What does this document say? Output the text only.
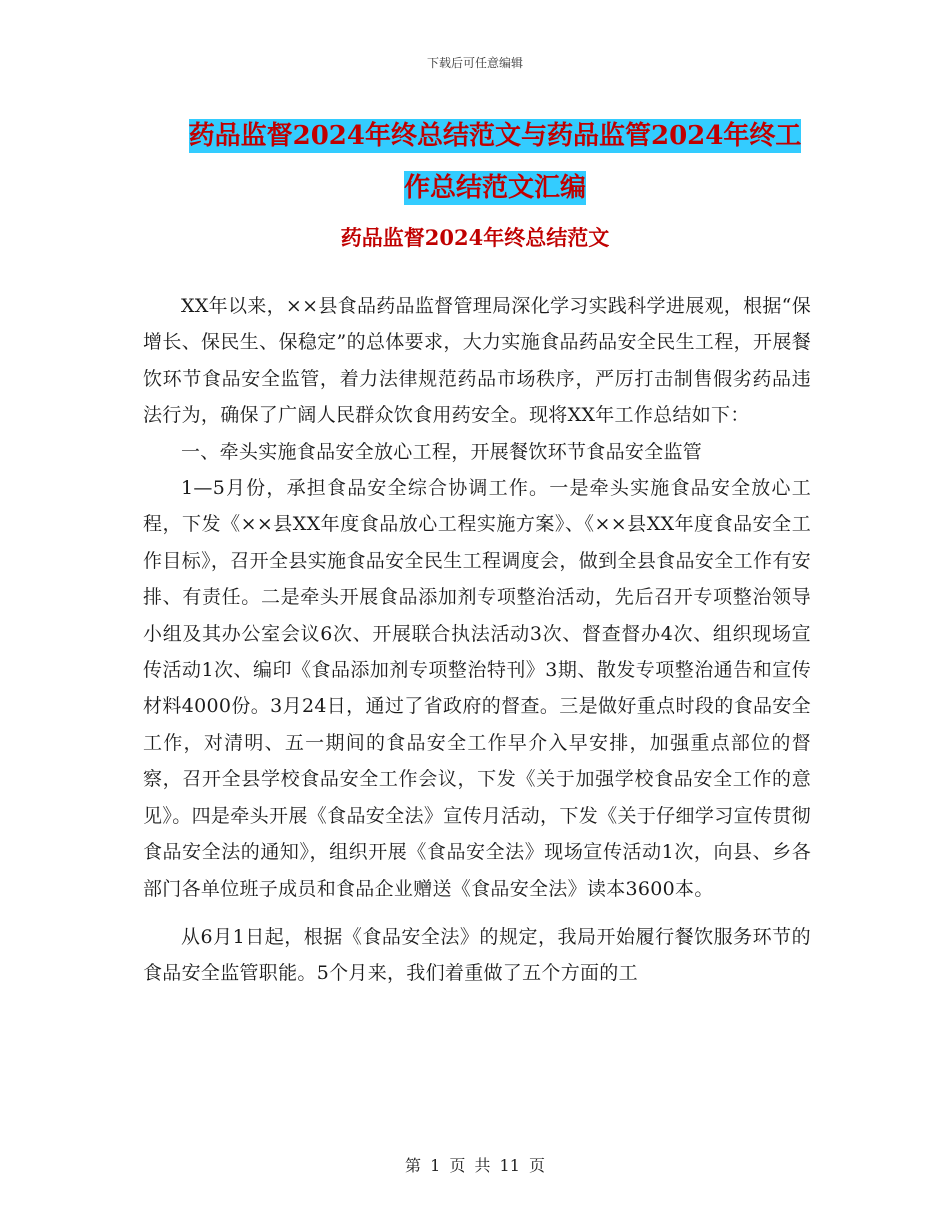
下载后可任意编辑
药品监督2024年终总结范文与药品监管2024年终工
作总结范文汇编
药品监督2024年终总结范文

XX年以来，××县食品药品监督管理局深化学习实践科学进展观，根据“保增长、保民生、保稳定”的总体要求，大力实施食品药品安全民生工程，开展餐饮环节食品安全监管，着力法律规范药品市场秩序，严厉打击制售假劣药品违法行为，确保了广阔人民群众饮食用药安全。现将XX年工作总结如下：

一、牵头实施食品安全放心工程，开展餐饮环节食品安全监管

1—5月份，承担食品安全综合协调工作。一是牵头实施食品安全放心工程，下发《××县XX年度食品放心工程实施方案》、《××县XX年度食品安全工作目标》，召开全县实施食品安全民生工程调度会，做到全县食品安全工作有安排、有责任。二是牵头开展食品添加剂专项整治活动，先后召开专项整治领导小组及其办公室会议6次、开展联合执法活动3次、督查督办4次、组织现场宣传活动1次、编印《食品添加剂专项整治特刊》3期、散发专项整治通告和宣传材料4000份。3月24日，通过了省政府的督查。三是做好重点时段的食品安全工作，对清明、五一期间的食品安全工作早介入早安排，加强重点部位的督察，召开全县学校食品安全工作会议，下发《关于加强学校食品安全工作的意见》。四是牵头开展《食品安全法》宣传月活动，下发《关于仔细学习宣传贯彻食品安全法的通知》，组织开展《食品安全法》现场宣传活动1次，向县、乡各部门各单位班子成员和食品企业赠送《食品安全法》读本3600本。

从6月1日起，根据《食品安全法》的规定，我局开始履行餐饮服务环节的食品安全监管职能。5个月来，我们着重做了五个方面的工

第 1 页 共 11 页
